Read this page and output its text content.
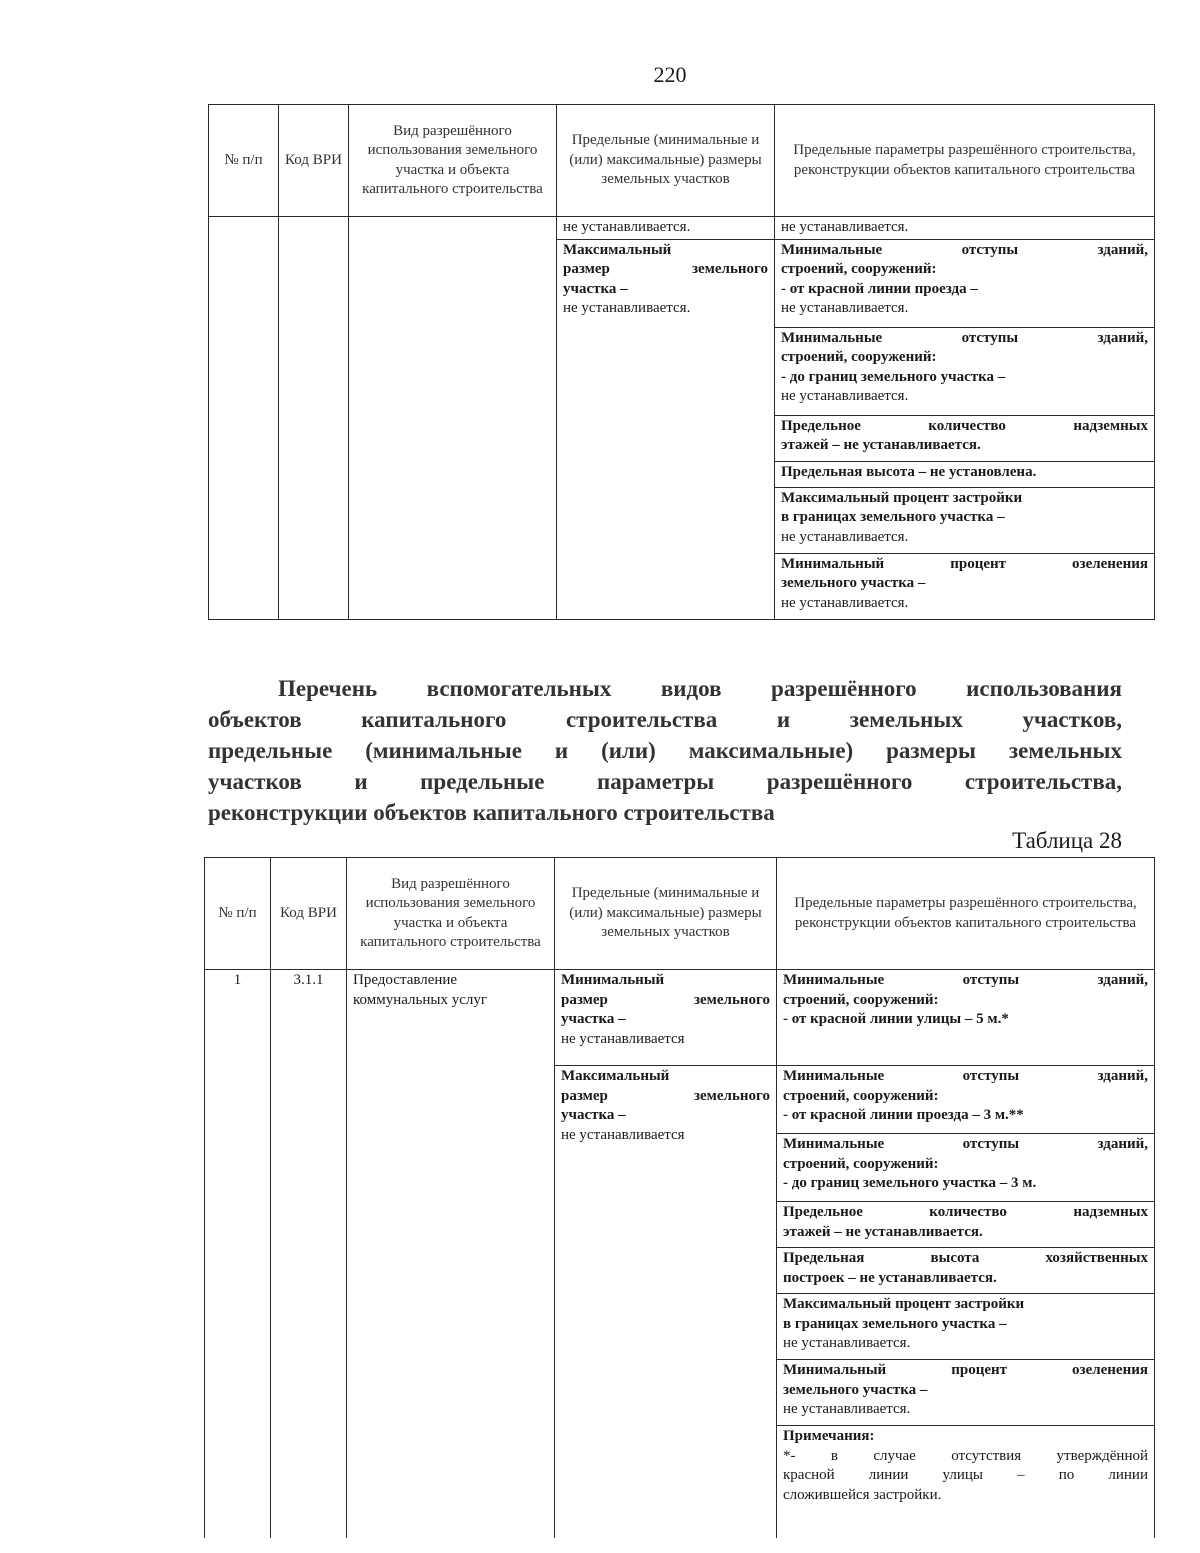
220
№ п/п	Код ВРИ	Вид разрешённого использования земельного участка и объекта капитального строительства	Предельные (минимальные и (или) максимальные) размеры земельных участков	Предельные параметры разрешённого строительства, реконструкции объектов капитального строительства
			не устанавливается.	не устанавливается.

			Максимальный
размер земельного
участка –
не устанавливается.	Минимальные отступы зданий,
строений, сооружений:
- от красной линии проезда –
не устанавливается.

				Минимальные отступы зданий,
строений, сооружений:
- до границ земельного участка –
не устанавливается.

				Предельное количество надземных
этажей – не устанавливается.

				Предельная высота – не установлена.

				Максимальный процент застройки
в границах земельного участка –
не устанавливается.

				Минимальный процент озеленения
земельного участка –
не устанавливается.
Перечень вспомогательных видов разрешённого использования
объектов капитального строительства и земельных участков,
предельные (минимальные и (или) максимальные) размеры земельных
участков и предельные параметры разрешённого строительства,
реконструкции объектов капитального строительства
Таблица 28
№ п/п	Код ВРИ	Вид разрешённого использования земельного участка и объекта капитального строительства	Предельные (минимальные и (или) максимальные) размеры земельных участков	Предельные параметры разрешённого строительства, реконструкции объектов капитального строительства
1	3.1.1	Предоставление коммунальных услуг	Минимальный
размер земельного
участка –
не устанавливается	Минимальные отступы зданий,
строений, сооружений:
- от красной линии улицы – 5 м.*

			Максимальный
размер земельного
участка –
не устанавливается	Минимальные отступы зданий,
строений, сооружений:
- от красной линии проезда – 3 м.**

				Минимальные отступы зданий,
строений, сооружений:
- до границ земельного участка – 3 м.

				Предельное количество надземных
этажей – не устанавливается.

				Предельная высота хозяйственных
построек – не устанавливается.

				Максимальный процент застройки
в границах земельного участка –
не устанавливается.

				Минимальный процент озеленения
земельного участка –
не устанавливается.

				Примечания:
*- в случае отсутствия утверждённой
красной линии улицы – по линии
сложившейся застройки.
